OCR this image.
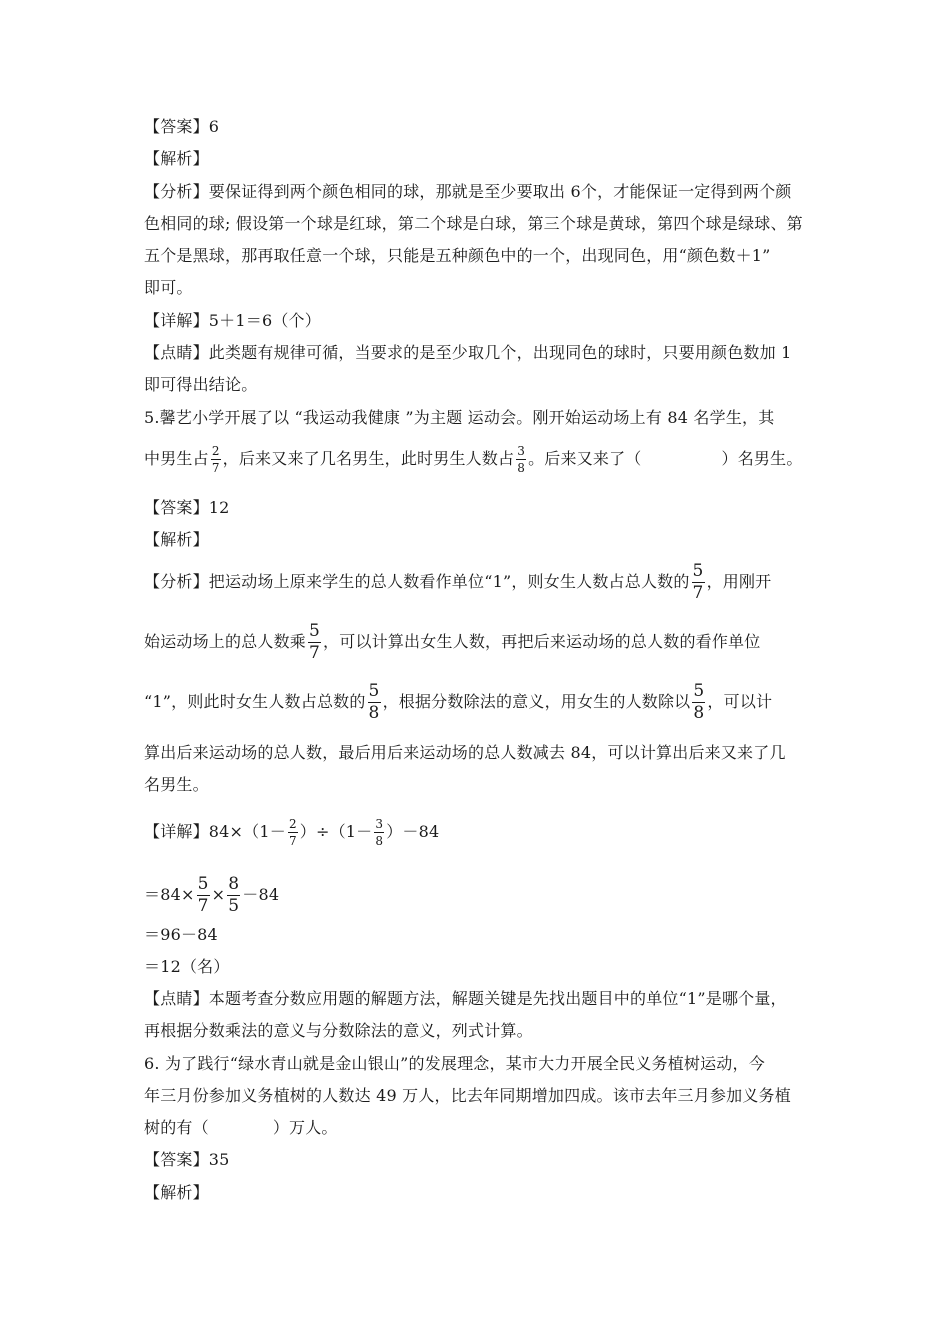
【答案】6
【解析】
【分析】要保证得到两个颜色相同的球，那就是至少要取出 6个，才能保证一定得到两个颜
色相同的球; 假设第一个球是红球，第二个球是白球，第三个球是黄球，第四个球是绿球、第
五个是黑球，那再取任意一个球，只能是五种颜色中的一个，出现同色，用“颜色数＋1”
即可。
【详解】5＋1＝6（个）
【点睛】此类题有规律可循，当要求的是至少取几个，出现同色的球时，只要用颜色数加 1
即可得出结论。
5.馨艺小学开展了以 “我运动我健康 ”为主题 运动会。刚开始运动场上有 84 名学生，其
中男生占 $\frac{2}{7}$ ，后来又来了几名男生，此时男生人数占 $\frac{3}{8}$ 。后来又来了（	）名男生。
【答案】12
【解析】
【分析】把运动场上原来学生的总人数看作单位“1”，则女生人数占总人数的 $\frac{5}{7}$ ，用刚开
始运动场上的总人数乘 $\frac{5}{7}$ ，可以计算出女生人数，再把后来运动场的总人数的看作单位
“1”，则此时女生人数占总数的 $\frac{5}{8}$ ，根据分数除法的意义，用女生的人数除以 $\frac{5}{8}$ ，可以计
算出后来运动场的总人数，最后用后来运动场的总人数减去 84，可以计算出后来又来了几
名男生。
【详解】$84\times(1- \frac{2}{7} )\div(1- \frac{3}{8} )-84$
$=84\times \frac{5}{7} \times \frac{8}{5} -84$
＝96－84
＝12（名）
【点睛】本题考查分数应用题的解题方法，解题关键是先找出题目中的单位“1”是哪个量，
再根据分数乘法的意义与分数除法的意义，列式计算。
6. 为了践行“绿水青山就是金山银山”的发展理念，某市大力开展全民义务植树运动，今
年三月份参加义务植树的人数达 49 万人，比去年同期增加四成。该市去年三月参加义务植
树的有（	）万人。
【答案】35
【解析】
